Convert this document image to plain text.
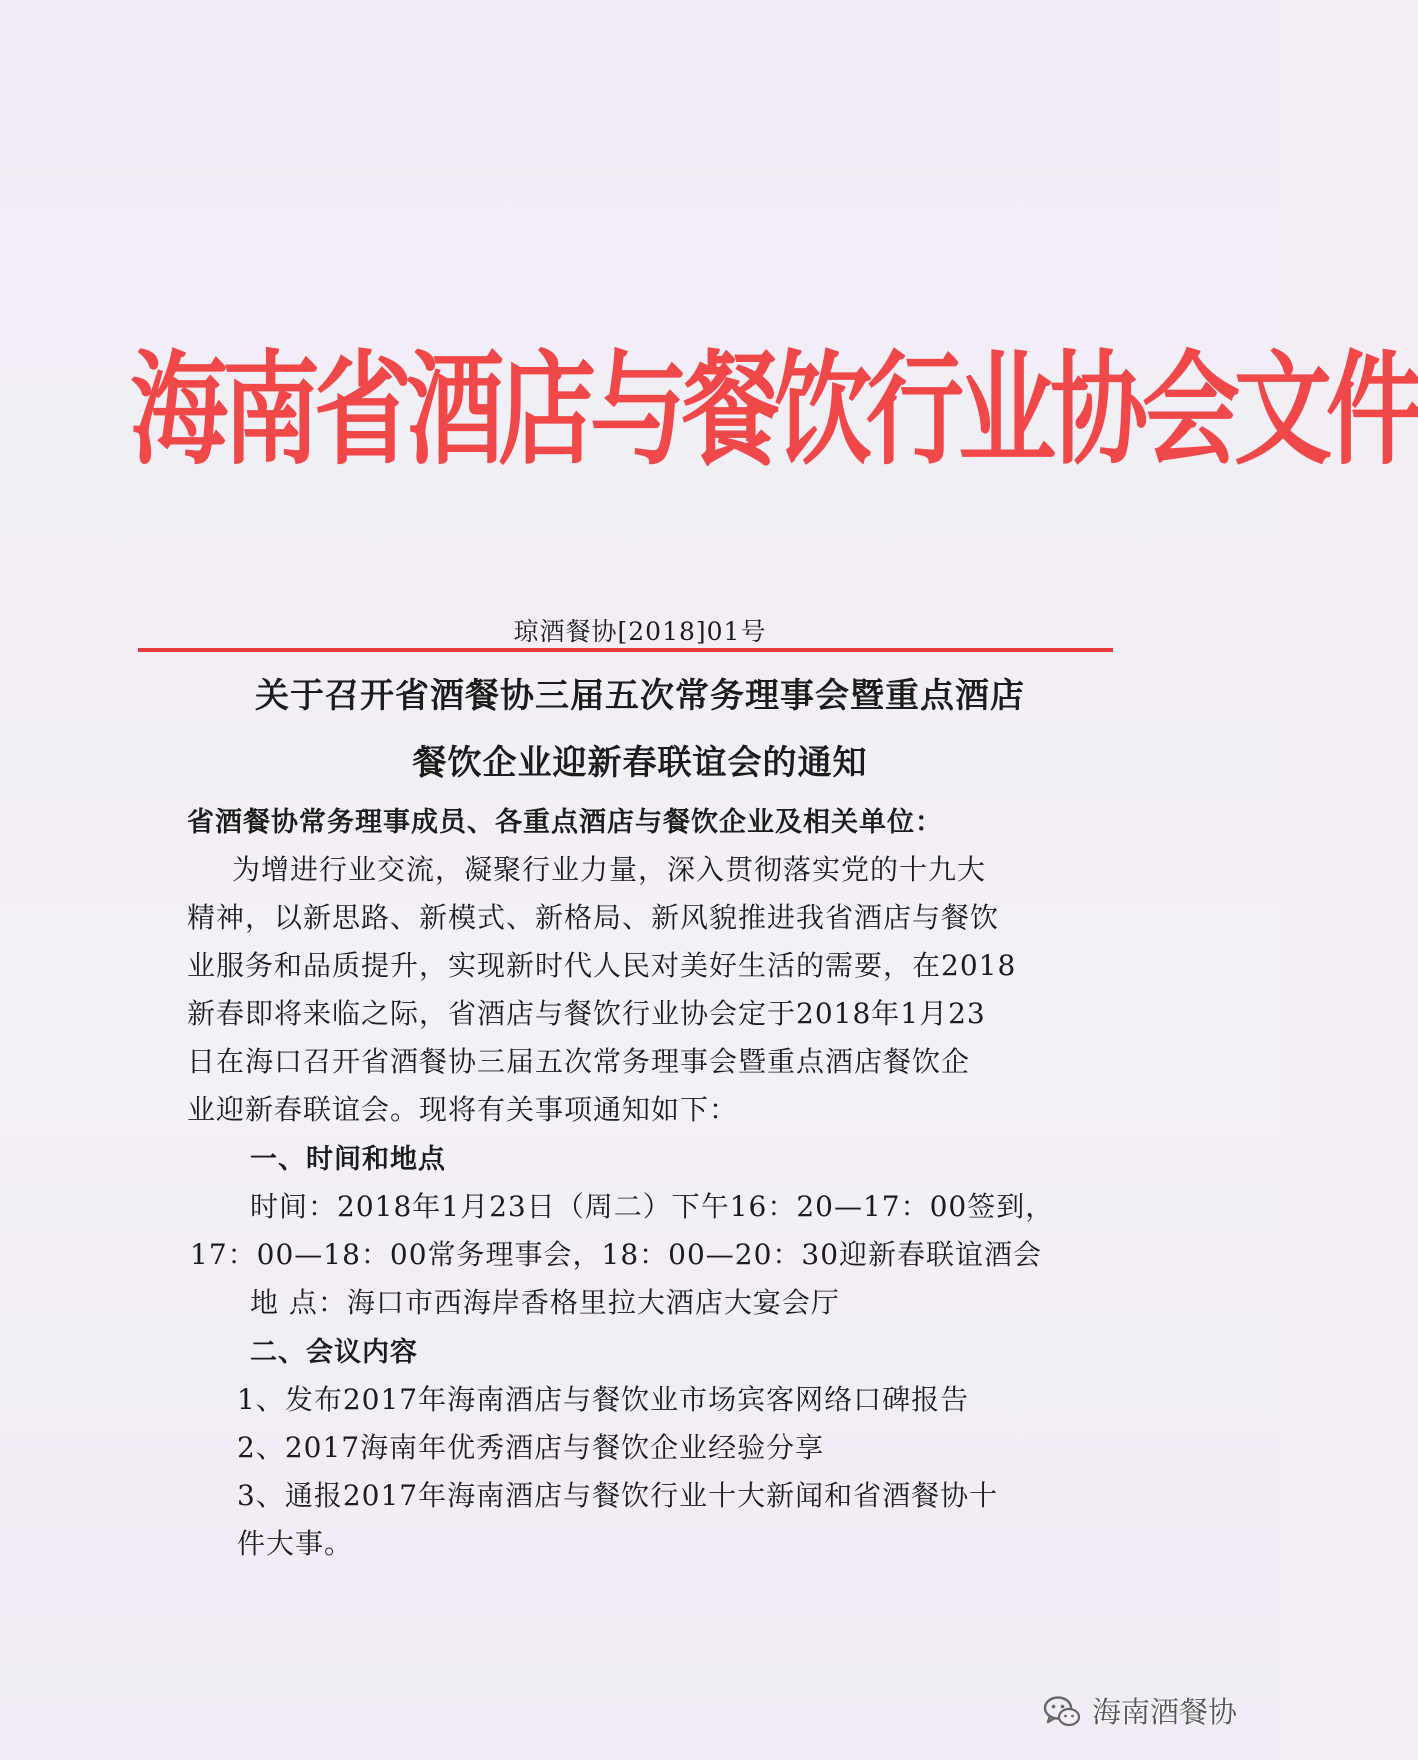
海南省酒店与餐饮行业协会文件
琼酒餐协[2018]01号
关于召开省酒餐协三届五次常务理事会暨重点酒店
餐饮企业迎新春联谊会的通知
省酒餐协常务理事成员、各重点酒店与餐饮企业及相关单位：
为增进行业交流，凝聚行业力量，深入贯彻落实党的十九大
精神，以新思路、新模式、新格局、新风貌推进我省酒店与餐饮
业服务和品质提升，实现新时代人民对美好生活的需要，在2018
新春即将来临之际，省酒店与餐饮行业协会定于2018年1月23
日在海口召开省酒餐协三届五次常务理事会暨重点酒店餐饮企
业迎新春联谊会。现将有关事项通知如下：
一、时间和地点
时间：2018年1月23日（周二）下午16：20—17：00签到，
17：00—18：00常务理事会，18：00—20：30迎新春联谊酒会
地 点：海口市西海岸香格里拉大酒店大宴会厅
二、会议内容
1、发布2017年海南酒店与餐饮业市场宾客网络口碑报告
2、2017海南年优秀酒店与餐饮企业经验分享
3、通报2017年海南酒店与餐饮行业十大新闻和省酒餐协十
件大事。
海南酒餐协
